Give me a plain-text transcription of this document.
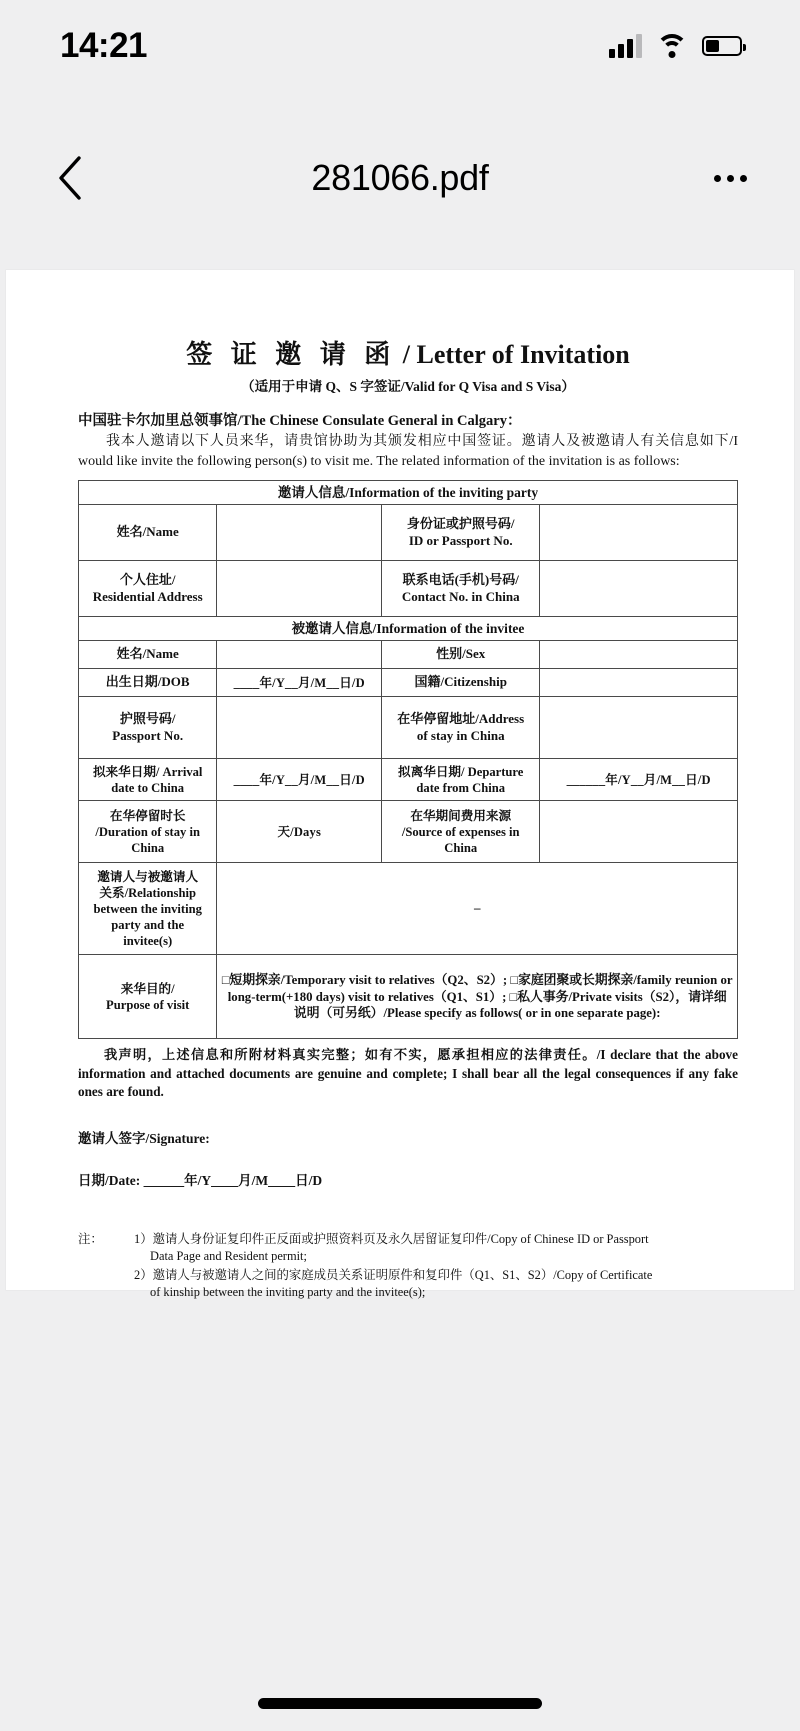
14:21
281066.pdf
签 证 邀 请 函 / Letter of Invitation
（适用于申请 Q、S 字签证/Valid for Q Visa and S Visa）
中国驻卡尔加里总领事馆/The Chinese Consulate General in Calgary：
我本人邀请以下人员来华，请贵馆协助为其颁发相应中国签证。邀请人及被邀请人有关信息如下/I would like invite the following person(s) to visit me. The related information of the invitation is as follows:
邀请人信息/Information of the inviting party			
姓名/Name		身份证或护照号码/
ID or Passport No.	
个人住址/
Residential Address		联系电话(手机)号码/
Contact No. in China	
被邀请人信息/Information of the invitee			
姓名/Name		性别/Sex	
出生日期/DOB	____年/Y__月/M__日/D	国籍/Citizenship	
护照号码/
Passport No.		在华停留地址/Address
of stay in China	
拟来华日期/ Arrival
date to China	____年/Y__月/M__日/D	拟离华日期/ Departure
date from China	______年/Y__月/M__日/D
在华停留时长
/Duration of stay in
China	天/Days	在华期间费用来源
/Source of expenses in
China	
邀请人与被邀请人
关系/Relationship
between the inviting
party and the
invitee(s)	–		
来华目的/
Purpose of visit	□短期探亲/Temporary visit to relatives（Q2、S2）; □家庭团聚或长期探亲/family reunion or long-term(+180 days) visit to relatives（Q1、S1）; □私人事务/Private visits（S2），请详细说明（可另纸）/Please specify as follows( or in one separate page):		
我声明，上述信息和所附材料真实完整；如有不实，愿承担相应的法律责任。/I declare that the above information and attached documents are genuine and complete; I shall bear all the legal consequences if any fake ones are found.
邀请人签字/Signature:
日期/Date: ______年/Y____月/M____日/D
注：	1）邀请人身份证复印件正反面或护照资料页及永久居留证复印件/Copy of Chinese ID or Passport
Data Page and Resident permit;

2）邀请人与被邀请人之间的家庭成员关系证明原件和复印件（Q1、S1、S2）/Copy of Certificate
of kinship between the inviting party and the invitee(s);
